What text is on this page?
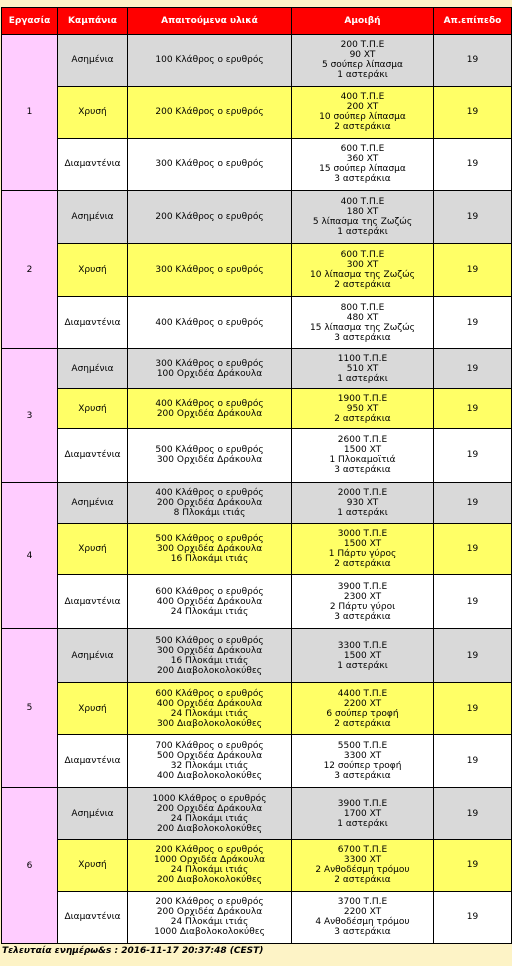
Εργασία	Καμπάνια	Απαιτούμενα υλικά	Αμοιβή	Απ.επίπεδο
1	Ασημένια	100 Κλάθρος ο ερυθρός	200 Τ.Π.Ε
90 XT
5 σούπερ λίπασμα
1 αστεράκι	19
	Χρυσή	200 Κλάθρος ο ερυθρός	400 Τ.Π.Ε
200 XT
10 σούπερ λίπασμα
2 αστεράκια	19
	Διαμαντένια	300 Κλάθρος ο ερυθρός	600 Τ.Π.Ε
360 XT
15 σούπερ λίπασμα
3 αστεράκια	19
2	Ασημένια	200 Κλάθρος ο ερυθρός	400 Τ.Π.Ε
180 XT
5 λίπασμα της Ζωζώς
1 αστεράκι	19
	Χρυσή	300 Κλάθρος ο ερυθρός	600 Τ.Π.Ε
300 XT
10 λίπασμα της Ζωζώς
2 αστεράκια	19
	Διαμαντένια	400 Κλάθρος ο ερυθρός	800 Τ.Π.Ε
480 XT
15 λίπασμα της Ζωζώς
3 αστεράκια	19
3	Ασημένια	300 Κλάθρος ο ερυθρός
100 Ορχιδέα Δράκουλα	1100 Τ.Π.Ε
510 XT
1 αστεράκι	19
	Χρυσή	400 Κλάθρος ο ερυθρός
200 Ορχιδέα Δράκουλα	1900 Τ.Π.Ε
950 XT
2 αστεράκια	19
	Διαμαντένια	500 Κλάθρος ο ερυθρός
300 Ορχιδέα Δράκουλα	2600 Τ.Π.Ε
1500 XT
1 Πλοκαμοϊτιά
3 αστεράκια	19
4	Ασημένια	400 Κλάθρος ο ερυθρός
200 Ορχιδέα Δράκουλα
8 Πλοκάμι ιτιάς	2000 Τ.Π.Ε
930 XT
1 αστεράκι	19
	Χρυσή	500 Κλάθρος ο ερυθρός
300 Ορχιδέα Δράκουλα
16 Πλοκάμι ιτιάς	3000 Τ.Π.Ε
1500 XT
1 Πάρτυ γύρος
2 αστεράκια	19
	Διαμαντένια	600 Κλάθρος ο ερυθρός
400 Ορχιδέα Δράκουλα
24 Πλοκάμι ιτιάς	3900 Τ.Π.Ε
2300 XT
2 Πάρτυ γύροι
3 αστεράκια	19
5	Ασημένια	500 Κλάθρος ο ερυθρός
300 Ορχιδέα Δράκουλα
16 Πλοκάμι ιτιάς
200 Διαβολοκολοκύθες	3300 Τ.Π.Ε
1500 XT
1 αστεράκι	19
	Χρυσή	600 Κλάθρος ο ερυθρός
400 Ορχιδέα Δράκουλα
24 Πλοκάμι ιτιάς
300 Διαβολοκολοκύθες	4400 Τ.Π.Ε
2200 XT
6 σούπερ τροφή
2 αστεράκια	19
	Διαμαντένια	700 Κλάθρος ο ερυθρός
500 Ορχιδέα Δράκουλα
32 Πλοκάμι ιτιάς
400 Διαβολοκολοκύθες	5500 Τ.Π.Ε
3300 XT
12 σούπερ τροφή
3 αστεράκια	19
6	Ασημένια	1000 Κλάθρος ο ερυθρός
200 Ορχιδέα Δράκουλα
24 Πλοκάμι ιτιάς
200 Διαβολοκολοκύθες	3900 Τ.Π.Ε
1700 XT
1 αστεράκι	19
	Χρυσή	200 Κλάθρος ο ερυθρός
1000 Ορχιδέα Δράκουλα
24 Πλοκάμι ιτιάς
200 Διαβολοκολοκύθες	6700 Τ.Π.Ε
3300 XT
2 Ανθοδέσμη τρόμου
2 αστεράκια	19
	Διαμαντένια	200 Κλάθρος ο ερυθρός
200 Ορχιδέα Δράκουλα
24 Πλοκάμι ιτιάς
1000 Διαβολοκολοκύθες	3700 Τ.Π.Ε
2200 XT
4 Ανθοδέσμη τρόμου
3 αστεράκια	19
Τελευταία ενημέρω&s : 2016-11-17 20:37:48 (CEST)
